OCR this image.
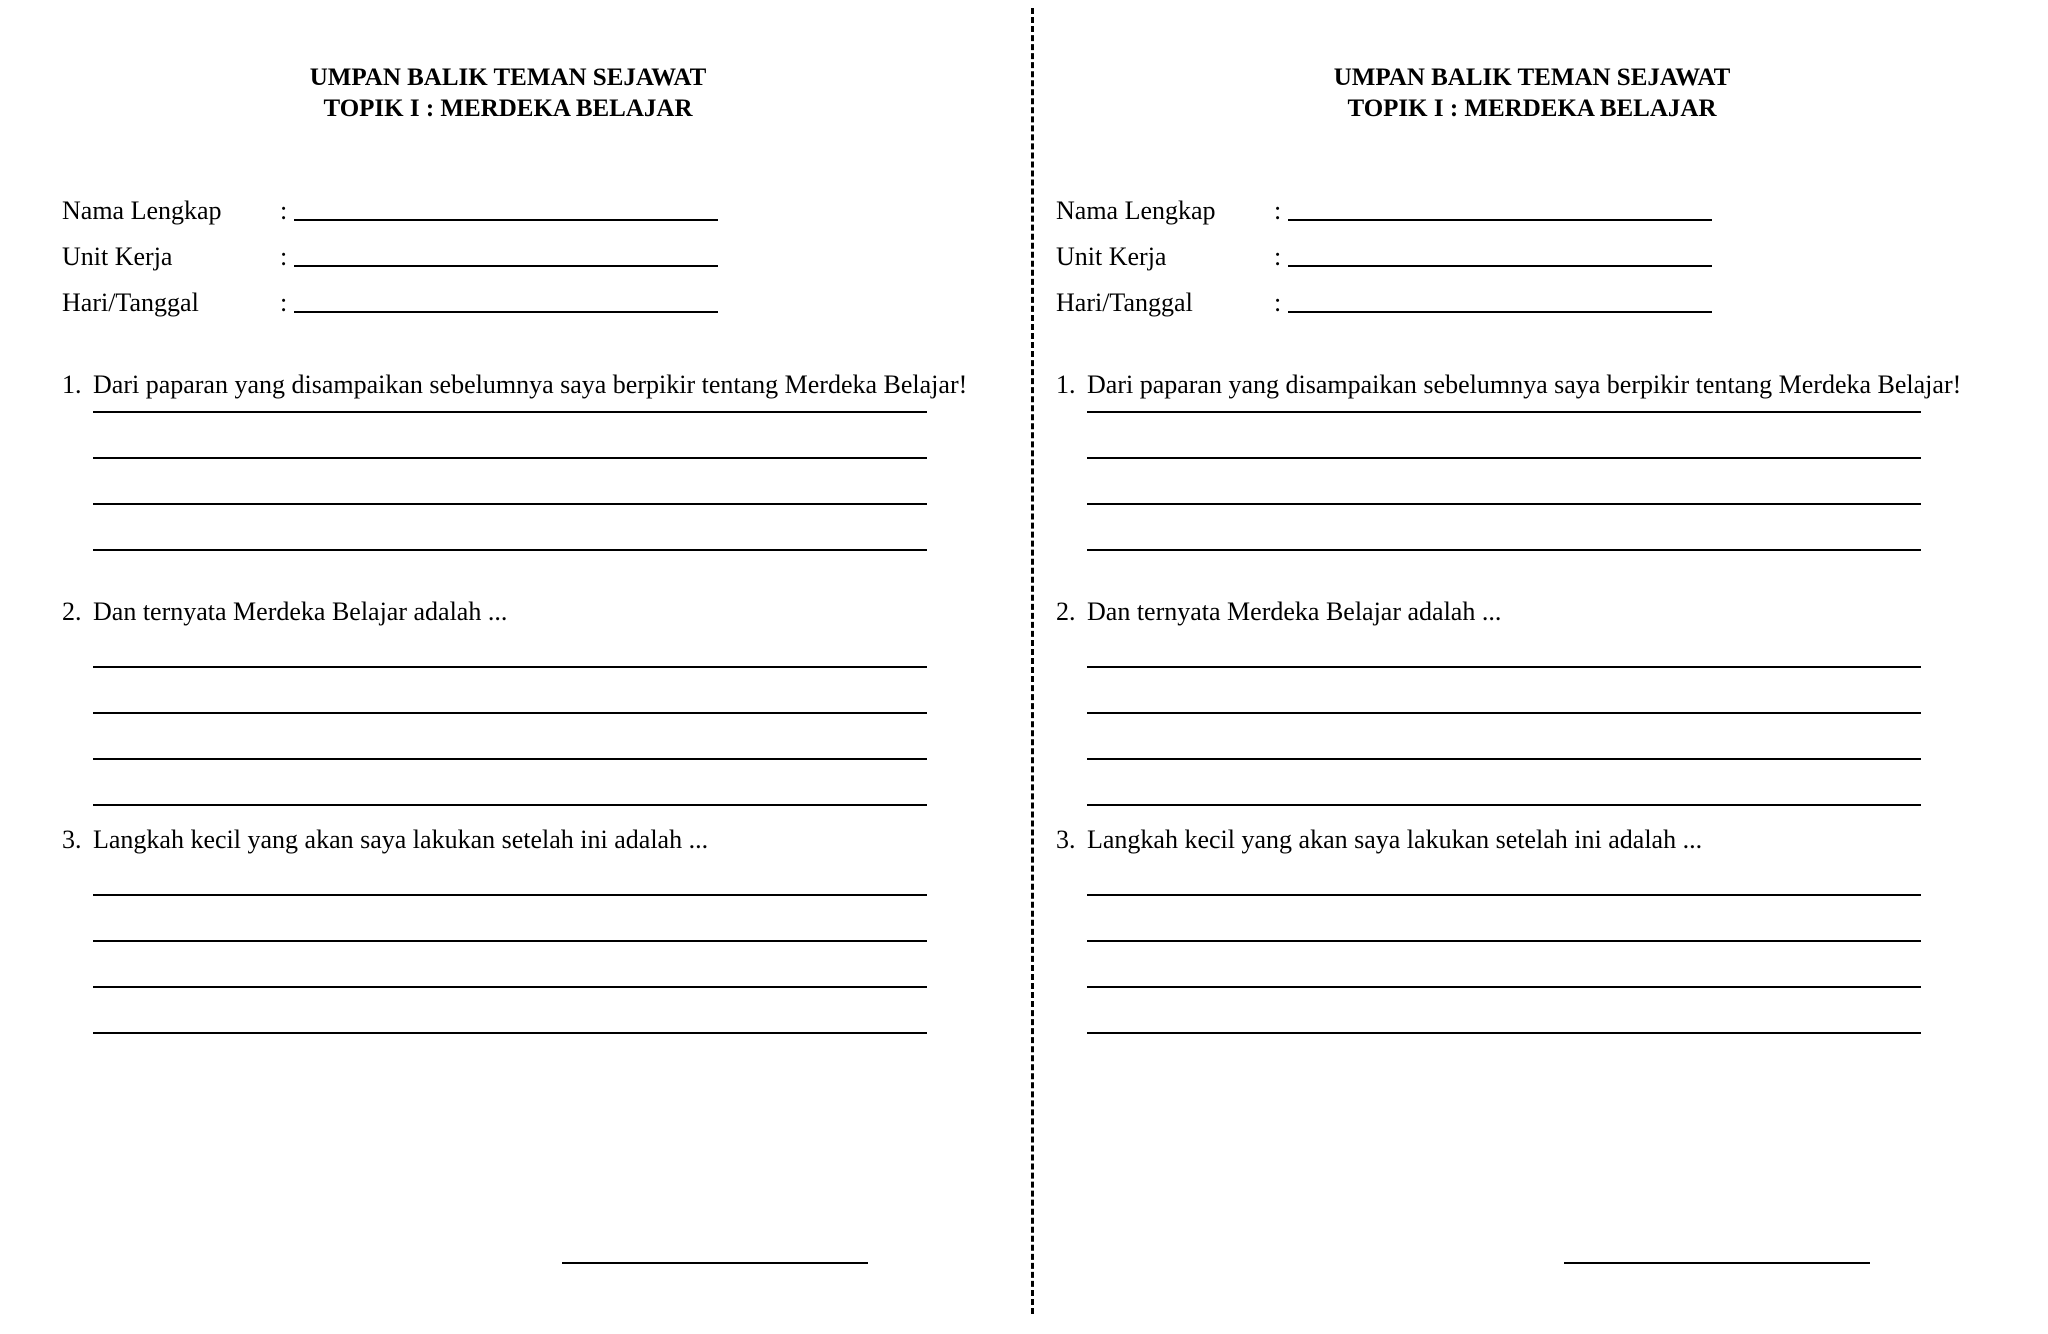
UMPAN BALIK TEMAN SEJAWAT
TOPIK I : MERDEKA BELAJAR
Nama Lengkap	:
Unit Kerja	:
Hari/Tanggal	:
1. Dari paparan yang disampaikan sebelumnya saya berpikir tentang Merdeka Belajar!
2. Dan ternyata Merdeka Belajar adalah ...
3. Langkah kecil yang akan saya lakukan setelah ini adalah ...
UMPAN BALIK TEMAN SEJAWAT
TOPIK I : MERDEKA BELAJAR
Nama Lengkap	:
Unit Kerja	:
Hari/Tanggal	:
1. Dari paparan yang disampaikan sebelumnya saya berpikir tentang Merdeka Belajar!
2. Dan ternyata Merdeka Belajar adalah ...
3. Langkah kecil yang akan saya lakukan setelah ini adalah ...
